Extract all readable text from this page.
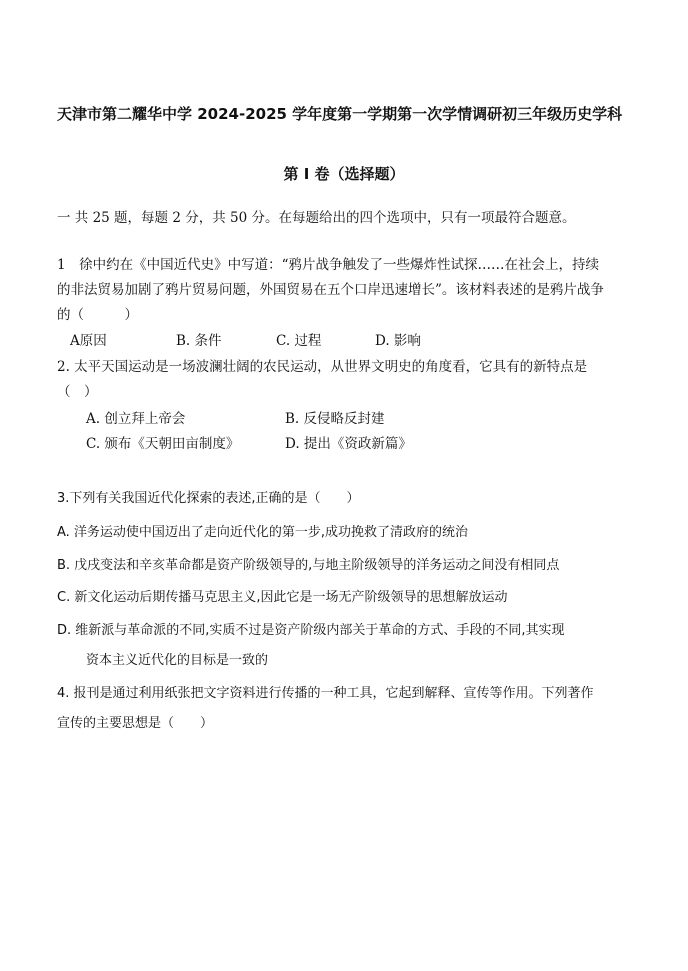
天津市第二耀华中学 2024-2025 学年度第一学期第一次学情调研初三年级历史学科
第 I 卷（选择题）
一 共 25 题，每题 2 分，共 50 分。在每题给出的四个选项中，只有一项最符合题意。
1　徐中约在《中国近代史》中写道：“鸦片战争触发了一些爆炸性试探……在社会上，持续
的非法贸易加剧了鸦片贸易问题，外国贸易在五个口岸迅速增长”。该材料表述的是鸦片战争
的（　　　）
A原因	B. 条件	C. 过程	D. 影响
2. 太平天国运动是一场波澜壮阔的农民运动，从世界文明史的角度看，它具有的新特点是
（　）
A. 创立拜上帝会	B. 反侵略反封建
C. 颁布《天朝田亩制度》	D. 提出《资政新篇》
3.下列有关我国近代化探索的表述,正确的是（　　）
A. 洋务运动使中国迈出了走向近代化的第一步,成功挽救了清政府的统治
B. 戊戌变法和辛亥革命都是资产阶级领导的,与地主阶级领导的洋务运动之间没有相同点
C. 新文化运动后期传播马克思主义,因此它是一场无产阶级领导的思想解放运动
D. 维新派与革命派的不同,实质不过是资产阶级内部关于革命的方式、手段的不同,其实现
资本主义近代化的目标是一致的
4. 报刊是通过利用纸张把文字资料进行传播的一种工具，它起到解释、宣传等作用。下列著作
宣传的主要思想是（　　）
